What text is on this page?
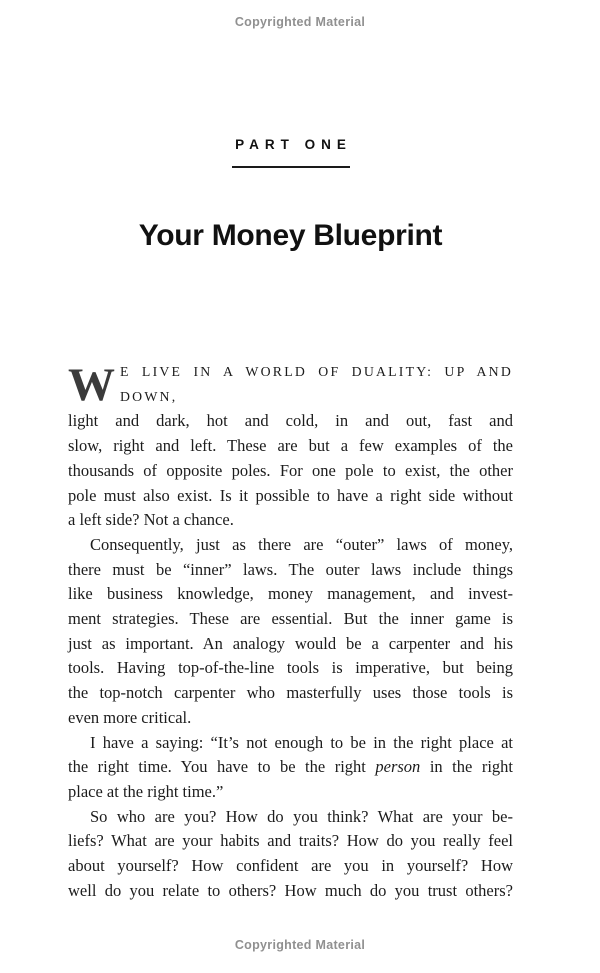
Copyrighted Material
PART ONE
Your Money Blueprint
W E LIVE IN A WORLD OF DUALITY: UP AND DOWN,
light and dark, hot and cold, in and out, fast and
slow, right and left. These are but a few examples of the
thousands of opposite poles. For one pole to exist, the other
pole must also exist. Is it possible to have a right side without
a left side? Not a chance.
Consequently, just as there are “outer” laws of money,
there must be “inner” laws. The outer laws include things
like business knowledge, money management, and invest-
ment strategies. These are essential. But the inner game is
just as important. An analogy would be a carpenter and his
tools. Having top-of-the-line tools is imperative, but being
the top-notch carpenter who masterfully uses those tools is
even more critical.
I have a saying: “It’s not enough to be in the right place at
the right time. You have to be the right person in the right
place at the right time.”
So who are you? How do you think? What are your be-
liefs? What are your habits and traits? How do you really feel
about yourself? How confident are you in yourself? How
well do you relate to others? How much do you trust others?
Copyrighted Material
